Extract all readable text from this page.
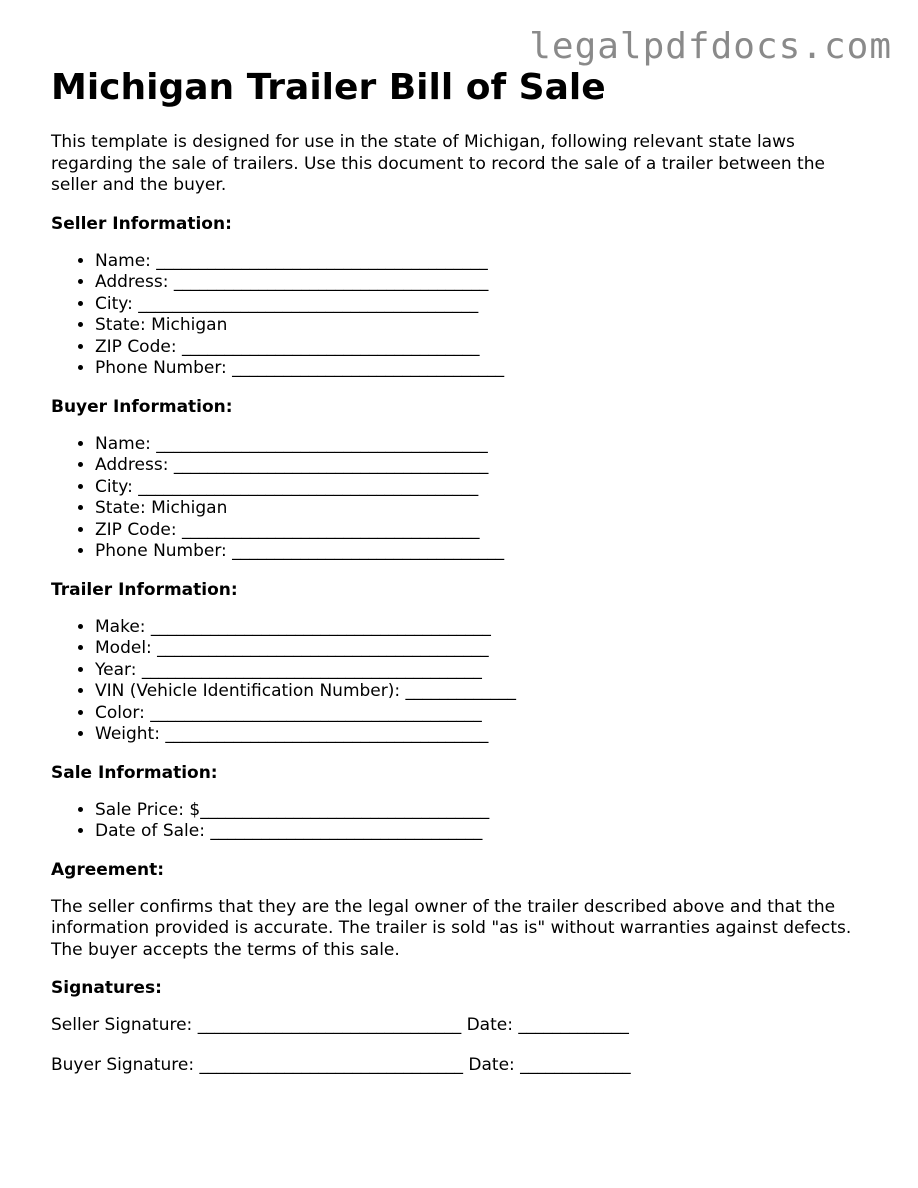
legalpdfdocs.com
Michigan Trailer Bill of Sale

This template is designed for use in the state of Michigan, following relevant state laws regarding the sale of trailers. Use this document to record the sale of a trailer between the seller and the buyer.

Seller Information:
• Name: _______________________________________
• Address: _____________________________________
• City: ________________________________________
• State: Michigan
• ZIP Code: ___________________________________
• Phone Number: ________________________________
Buyer Information:
• Name: _______________________________________
• Address: _____________________________________
• City: ________________________________________
• State: Michigan
• ZIP Code: ___________________________________
• Phone Number: ________________________________
Trailer Information:
• Make: ________________________________________
• Model: _______________________________________
• Year: ________________________________________
• VIN (Vehicle Identification Number): _____________
• Color: _______________________________________
• Weight: ______________________________________
Sale Information:
• Sale Price: $__________________________________
• Date of Sale: ________________________________
Agreement:

The seller confirms that they are the legal owner of the trailer described above and that the information provided is accurate. The trailer is sold "as is" without warranties against defects. The buyer accepts the terms of this sale.

Signatures:

Seller Signature: _______________________________ Date: _____________

Buyer Signature: _______________________________ Date: _____________
